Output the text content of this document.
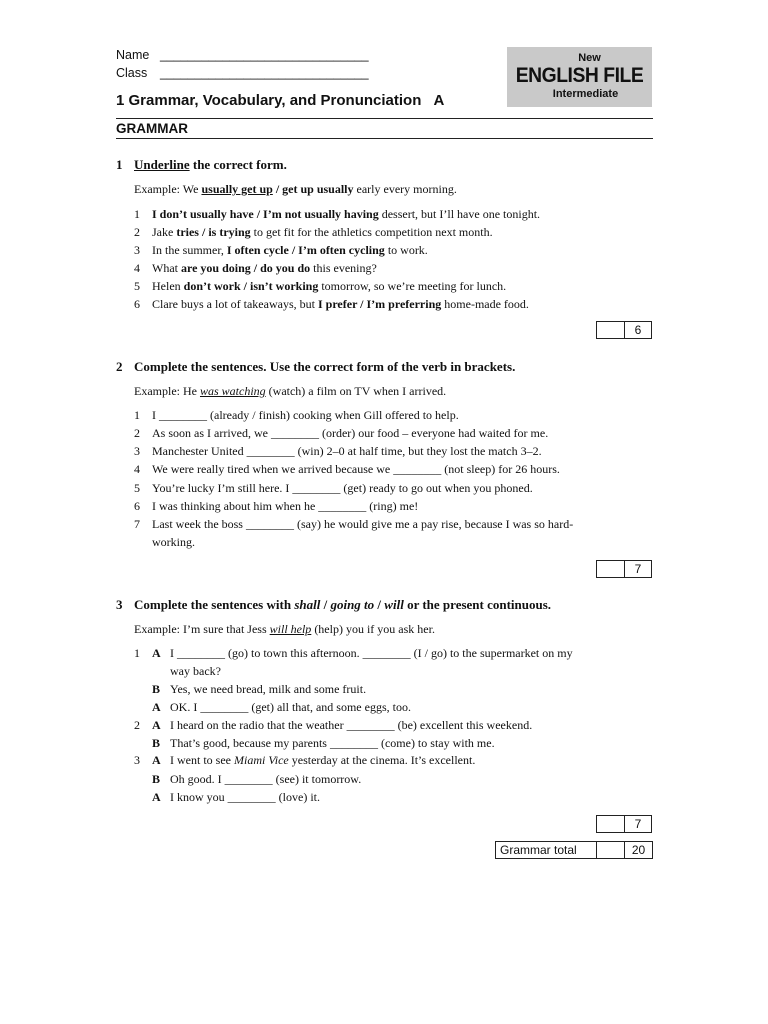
Name ______________________________
Class ______________________________
New
ENGLISH FILE
Intermediate
1 Grammar, Vocabulary, and Pronunciation A
GRAMMAR
1 Underline the correct form.
Example: We usually get up / get up usually early every morning.
1 I don’t usually have / I’m not usually having dessert, but I’ll have one tonight.
2 Jake tries / is trying to get fit for the athletics competition next month.
3 In the summer, I often cycle / I’m often cycling to work.
4 What are you doing / do you do this evening?
5 Helen don’t work / isn’t working tomorrow, so we’re meeting for lunch.
6 Clare buys a lot of takeaways, but I prefer / I’m preferring home-made food.
6
2 Complete the sentences. Use the correct form of the verb in brackets.
Example: He was watching (watch) a film on TV when I arrived.
1 I ________ (already / finish) cooking when Gill offered to help.
2 As soon as I arrived, we ________ (order) our food – everyone had waited for me.
3 Manchester United ________ (win) 2–0 at half time, but they lost the match 3–2.
4 We were really tired when we arrived because we ________ (not sleep) for 26 hours.
5 You’re lucky I’m still here. I ________ (get) ready to go out when you phoned.
6 I was thinking about him when he ________ (ring) me!
7 Last week the boss ________ (say) he would give me a pay rise, because I was so hard-
working.
7
3 Complete the sentences with shall / going to / will or the present continuous.
Example: I’m sure that Jess will help (help) you if you ask her.
1 A I ________ (go) to town this afternoon. ________ (I / go) to the supermarket on my
way back?
B Yes, we need bread, milk and some fruit.
A OK. I ________ (get) all that, and some eggs, too.
2 A I heard on the radio that the weather ________ (be) excellent this weekend.
B That’s good, because my parents ________ (come) to stay with me.
3 A I went to see Miami Vice yesterday at the cinema. It’s excellent.
B Oh good. I ________ (see) it tomorrow.
A I know you ________ (love) it.
7
Grammar total	20
